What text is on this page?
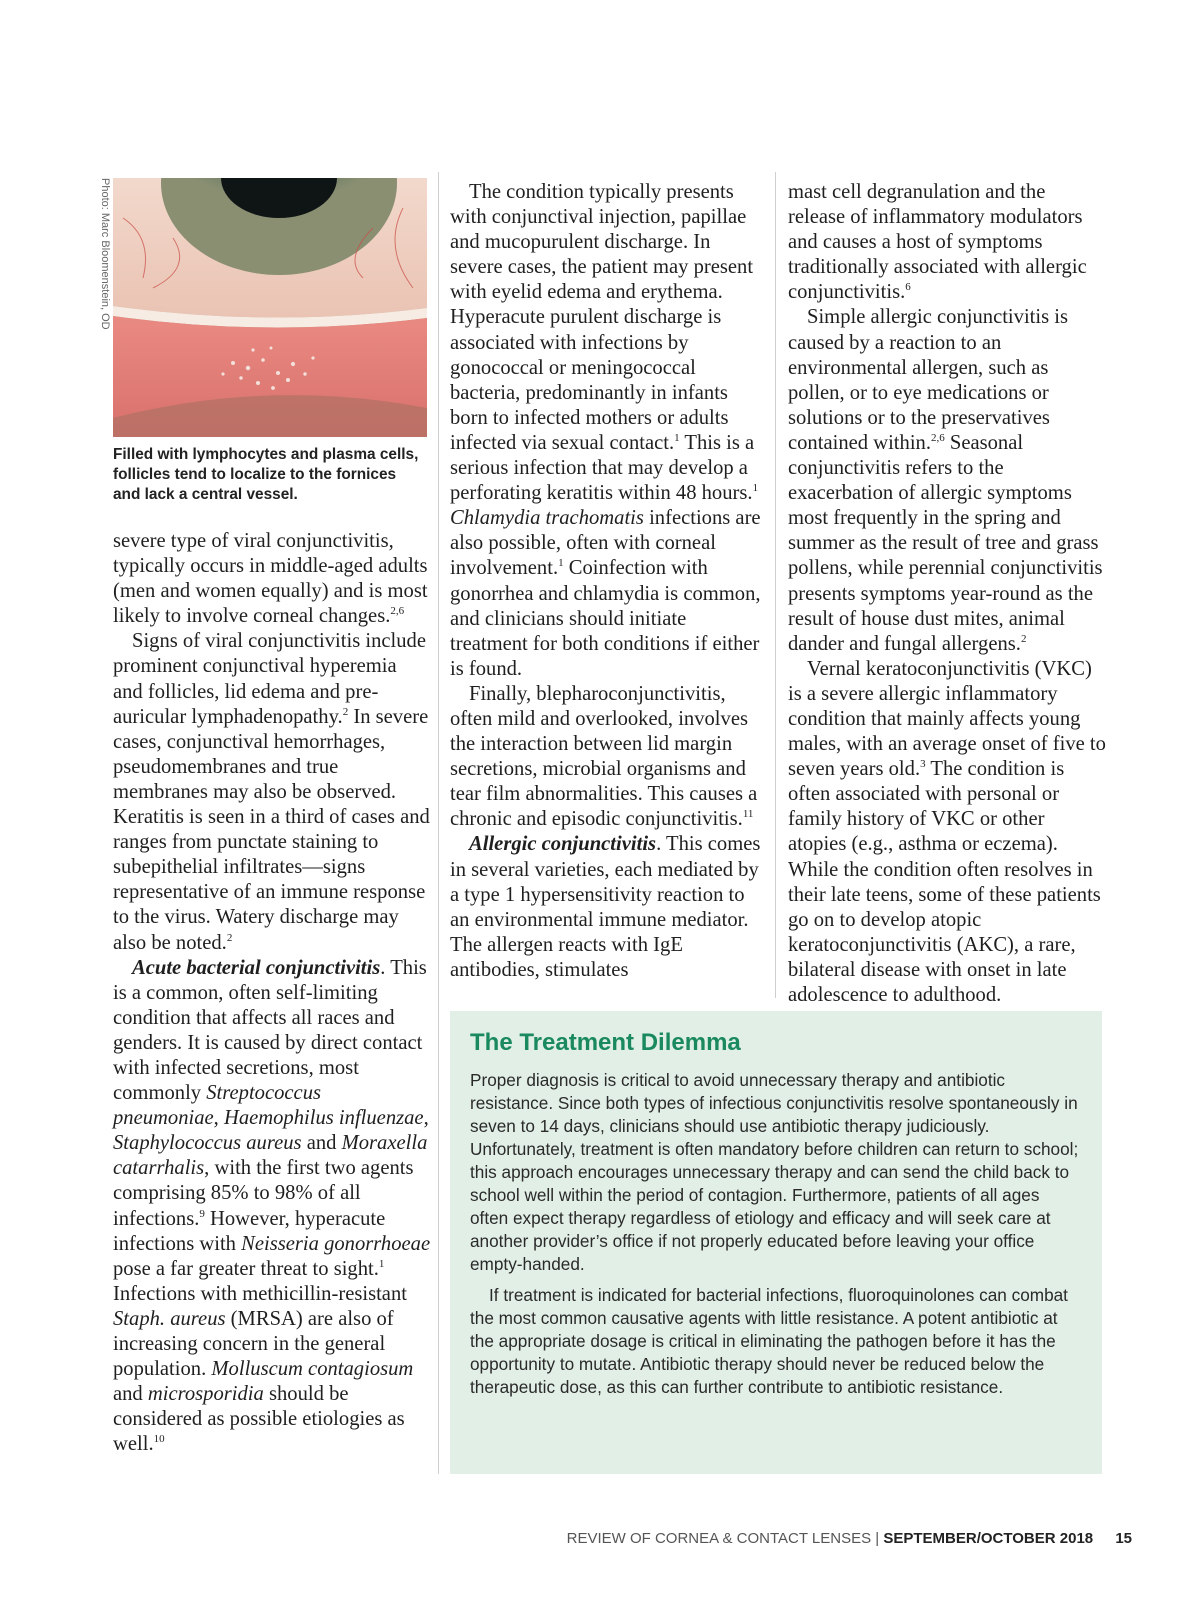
Photo: Marc Bloomenstein, OD
Filled with lymphocytes and plasma cells, follicles tend to localize to the fornices and lack a central vessel.

severe type of viral conjunctivitis, typically occurs in middle-aged adults (men and women equally) and is most likely to involve corneal changes.$^{2,6}$

Signs of viral conjunctivitis include prominent conjunctival hyperemia and follicles, lid edema and pre-auricular lymphadenopathy.$^2$ In severe cases, conjunctival hemorrhages, pseudomembranes and true membranes may also be observed. Keratitis is seen in a third of cases and ranges from punctate staining to subepithelial infiltrates—signs representative of an immune response to the virus. Watery discharge may also be noted.$^2$

Acute bacterial conjunctivitis. This is a common, often self-limiting condition that affects all races and genders. It is caused by direct contact with infected secretions, most commonly Streptococcus pneumoniae, Haemophilus influenzae, Staphylococcus aureus and Moraxella catarrhalis, with the first two agents comprising 85% to 98% of all infections.$^9$ However, hyperacute infections with Neisseria gonorrhoeae pose a far greater threat to sight.$^1$ Infections with methicillin-resistant Staph. aureus (MRSA) are also of increasing concern in the general population. Molluscum contagiosum and microsporidia should be considered as possible etiologies as well.$^{10}$

The condition typically presents with conjunctival injection, papillae and mucopurulent discharge. In severe cases, the patient may present with eyelid edema and erythema. Hyperacute purulent discharge is associated with infections by gonococcal or meningococcal bacteria, predominantly in infants born to infected mothers or adults infected via sexual contact.$^1$ This is a serious infection that may develop a perforating keratitis within 48 hours.$^1$ Chlamydia trachomatis infections are also possible, often with corneal involvement.$^1$ Coinfection with gonorrhea and chlamydia is common, and clinicians should initiate treatment for both conditions if either is found.

Finally, blepharoconjunctivitis, often mild and overlooked, involves the interaction between lid margin secretions, microbial organisms and tear film abnormalities. This causes a chronic and episodic conjunctivitis.$^{11}$

Allergic conjunctivitis. This comes in several varieties, each mediated by a type 1 hypersensitivity reaction to an environmental immune mediator. The allergen reacts with IgE antibodies, stimulates

mast cell degranulation and the release of inflammatory modulators and causes a host of symptoms traditionally associated with allergic conjunctivitis.$^6$

Simple allergic conjunctivitis is caused by a reaction to an environmental allergen, such as pollen, or to eye medications or solutions or to the preservatives contained within.$^{2,6}$ Seasonal conjunctivitis refers to the exacerbation of allergic symptoms most frequently in the spring and summer as the result of tree and grass pollens, while perennial conjunctivitis presents symptoms year-round as the result of house dust mites, animal dander and fungal allergens.$^2$

Vernal keratoconjunctivitis (VKC) is a severe allergic inflammatory condition that mainly affects young males, with an average onset of five to seven years old.$^3$ The condition is often associated with personal or family history of VKC or other atopies (e.g., asthma or eczema). While the condition often resolves in their late teens, some of these patients go on to develop atopic keratoconjunctivitis (AKC), a rare, bilateral disease with onset in late adolescence to adulthood.

The Treatment Dilemma

Proper diagnosis is critical to avoid unnecessary therapy and antibiotic resistance. Since both types of infectious conjunctivitis resolve spontaneously in seven to 14 days, clinicians should use antibiotic therapy judiciously. Unfortunately, treatment is often mandatory before children can return to school; this approach encourages unnecessary therapy and can send the child back to school well within the period of contagion. Furthermore, patients of all ages often expect therapy regardless of etiology and efficacy and will seek care at another provider’s office if not properly educated before leaving your office empty-handed.

If treatment is indicated for bacterial infections, fluoroquinolones can combat the most common causative agents with little resistance. A potent antibiotic at the appropriate dosage is critical in eliminating the pathogen before it has the opportunity to mutate. Antibiotic therapy should never be reduced below the therapeutic dose, as this can further contribute to antibiotic resistance.

REVIEW OF CORNEA & CONTACT LENSES | SEPTEMBER/OCTOBER 2018 15
